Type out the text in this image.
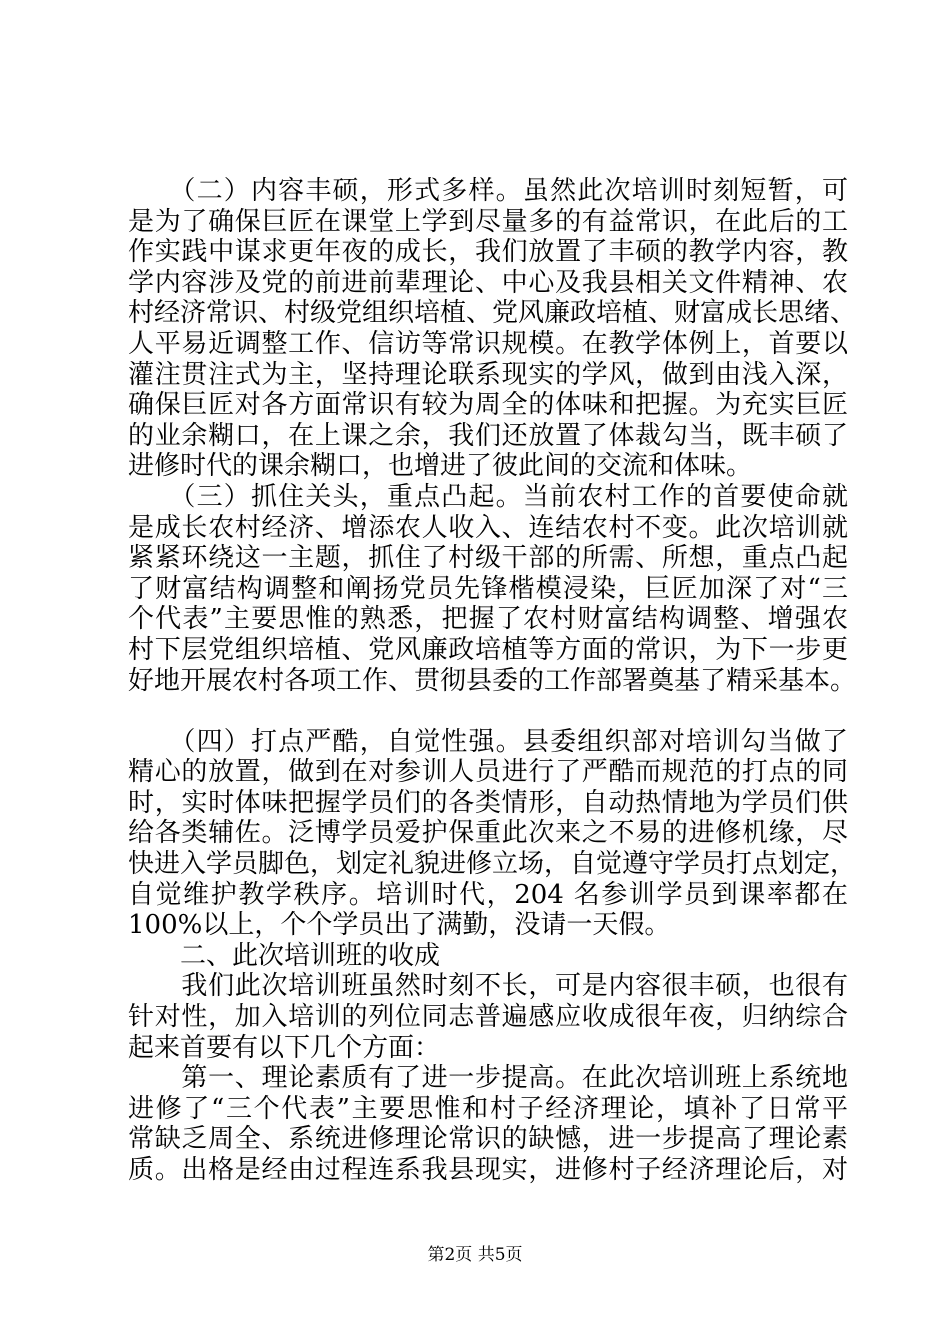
　　（二）内容丰硕，形式多样。虽然此次培训时刻短暂，可
是为了确保巨匠在课堂上学到尽量多的有益常识，在此后的工
作实践中谋求更年夜的成长，我们放置了丰硕的教学内容，教
学内容涉及党的前进前辈理论、中心及我县相关文件精神、农
村经济常识、村级党组织培植、党风廉政培植、财富成长思绪、
人平易近调整工作、信访等常识规模。在教学体例上，首要以
灌注贯注式为主，坚持理论联系现实的学风，做到由浅入深，
确保巨匠对各方面常识有较为周全的体味和把握。为充实巨匠
的业余糊口，在上课之余，我们还放置了体裁勾当，既丰硕了
进修时代的课余糊口，也增进了彼此间的交流和体味。
　　（三）抓住关头，重点凸起。当前农村工作的首要使命就
是成长农村经济、增添农人收入、连结农村不变。此次培训就
紧紧环绕这一主题，抓住了村级干部的所需、所想，重点凸起
了财富结构调整和阐扬党员先锋楷模浸染，巨匠加深了对“三
个代表”主要思惟的熟悉，把握了农村财富结构调整、增强农
村下层党组织培植、党风廉政培植等方面的常识，为下一步更
好地开展农村各项工作、贯彻县委的工作部署奠基了精采基本。
　　（四）打点严酷，自觉性强。县委组织部对培训勾当做了
精心的放置，做到在对参训人员进行了严酷而规范的打点的同
时，实时体味把握学员们的各类情形，自动热情地为学员们供
给各类辅佐。泛博学员爱护保重此次来之不易的进修机缘，尽
快进入学员脚色，划定礼貌进修立场，自觉遵守学员打点划定，
自觉维护教学秩序。培训时代，204 名参训学员到课率都在
100%以上，个个学员出了满勤，没请一天假。
　　二、此次培训班的收成
　　我们此次培训班虽然时刻不长，可是内容很丰硕，也很有
针对性，加入培训的列位同志普遍感应收成很年夜，归纳综合
起来首要有以下几个方面：
　　第一、理论素质有了进一步提高。在此次培训班上系统地
进修了“三个代表”主要思惟和村子经济理论，填补了日常平
常缺乏周全、系统进修理论常识的缺憾，进一步提高了理论素
质。出格是经由过程连系我县现实，进修村子经济理论后，对
第2页 共5页
